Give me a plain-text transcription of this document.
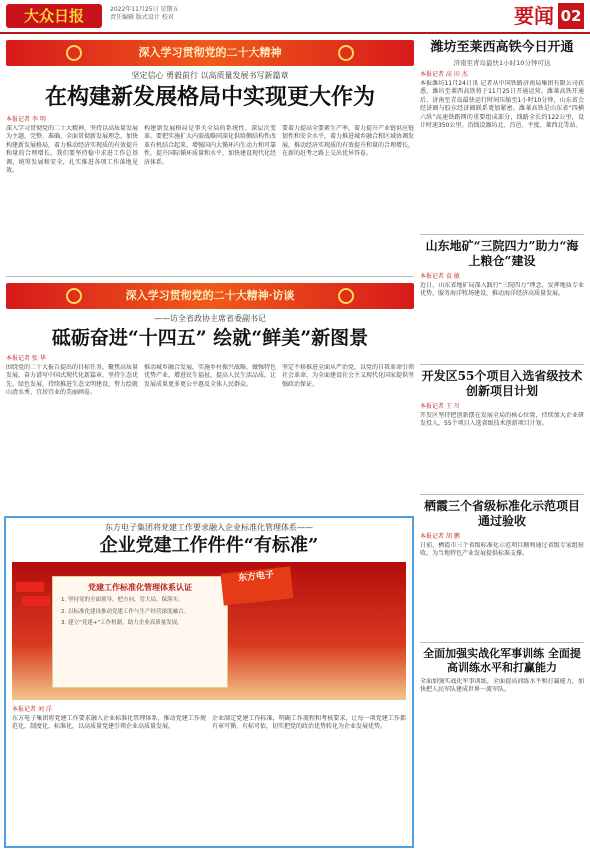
大众日报	2022年11月25日 星期五
责任编辑 版式设计 校对	02
要闻
潍坊至莱西高铁今日开通
济南至青岛最快1小时10分钟可达
本报记者 高 田 杰
本报潍坊11月24日讯 记者从中国铁路济南局集团有限公司获悉，潍坊至莱西高铁将于11月25日开通运营。潍莱高铁开通后，济南至青岛最快运行时间压缩至1小时10分钟，山东省会经济圈与胶东经济圈联系更加紧密。潍莱高铁是山东省“四横六纵”高速铁路网的重要组成部分，线路全长约122公里，设计时速350公里。沿线设潍坊北、昌邑、平度、莱西北等站。
山东地矿“三院四力”助力“海上粮仓”建设
本报记者 袁 敏
近日，山东省地矿局深入践行“三院四力”理念，发挥地质专业优势，服务海洋牧场建设，推动海洋经济高质量发展。
开发区55个项目入选省级技术创新项目计划
本报记者 王 川
开发区坚持把创新摆在发展全局的核心位置，持续加大企业研发投入，55个项目入选省级技术创新项目计划。
栖霞三个省级标准化示范项目通过验收
本报记者 胡 鹏
日前，栖霞市三个省级标准化示范项目顺利通过省级专家组验收，为当地特色产业发展提供标准支撑。
全面加强实战化军事训练 全面提高训练水平和打赢能力
全面加强实战化军事训练，全面提高训练水平和打赢能力，加快把人民军队建成世界一流军队。
深入学习贯彻党的二十大精神
坚定信心 勇毅前行 以高质量发展书写新篇章
在构建新发展格局中实现更大作为
本报记者 李 明
深入学习贯彻党的二十大精神，坚持以高质量发展为主题，完整、准确、全面贯彻新发展理念，加快构建新发展格局，着力推动经济实现质的有效提升和量的合理增长。我们要坚持稳中求进工作总基调，统筹发展和安全，扎实推进各项工作落地见效。
构建新发展格局是事关全局的系统性、深层次变革。要把实施扩大内需战略同深化供给侧结构性改革有机结合起来，增强国内大循环内生动力和可靠性，提升国际循环质量和水平，加快建设现代化经济体系。
要着力提高全要素生产率，着力提升产业链供应链韧性和安全水平，着力推进城乡融合和区域协调发展，推动经济实现质的有效提升和量的合理增长，在新的赶考之路上交出优异答卷。
深入学习贯彻党的二十大精神·访谈
——访全省政协主席省委副书记
砥砺奋进“十四五” 绘就“鲜美”新图景
本报记者 张 华
围绕党的二十大报告提出的目标任务，聚焦高质量发展，奋力谱写中国式现代化新篇章。坚持生态优先、绿色发展，持续推进生态文明建设，努力绘就山清水秀、宜居宜业的美丽画卷。
推动城乡融合发展，实施乡村振兴战略，做强特色优势产业，增进民生福祉，提高人民生活品质，让发展成果更多更公平惠及全体人民群众。
坚定不移推进全面从严治党，以党的自我革命引领社会革命，为全面建设社会主义现代化国家提供坚强政治保证。
东方电子集团将党建工作要求融入企业标准化管理体系——
企业党建工作件件“有标准”
党建工作标准化管理体系认证
1. 坚持党的全面领导，把方向、管大局、保落实。
2. 以标准化建设推动党建工作与生产经营深度融合。
3. 建立“党建+”工作机制，助力企业高质量发展。
东方电子
本报记者 刘 洋
东方电子集团将党建工作要求融入企业标准化管理体系，推动党建工作规范化、制度化、标准化，以高质量党建引领企业高质量发展。
企业制定党建工作标准，明确工作流程和考核要求，让每一项党建工作都有章可循、有标可依，切实把党的政治优势转化为企业发展优势。
